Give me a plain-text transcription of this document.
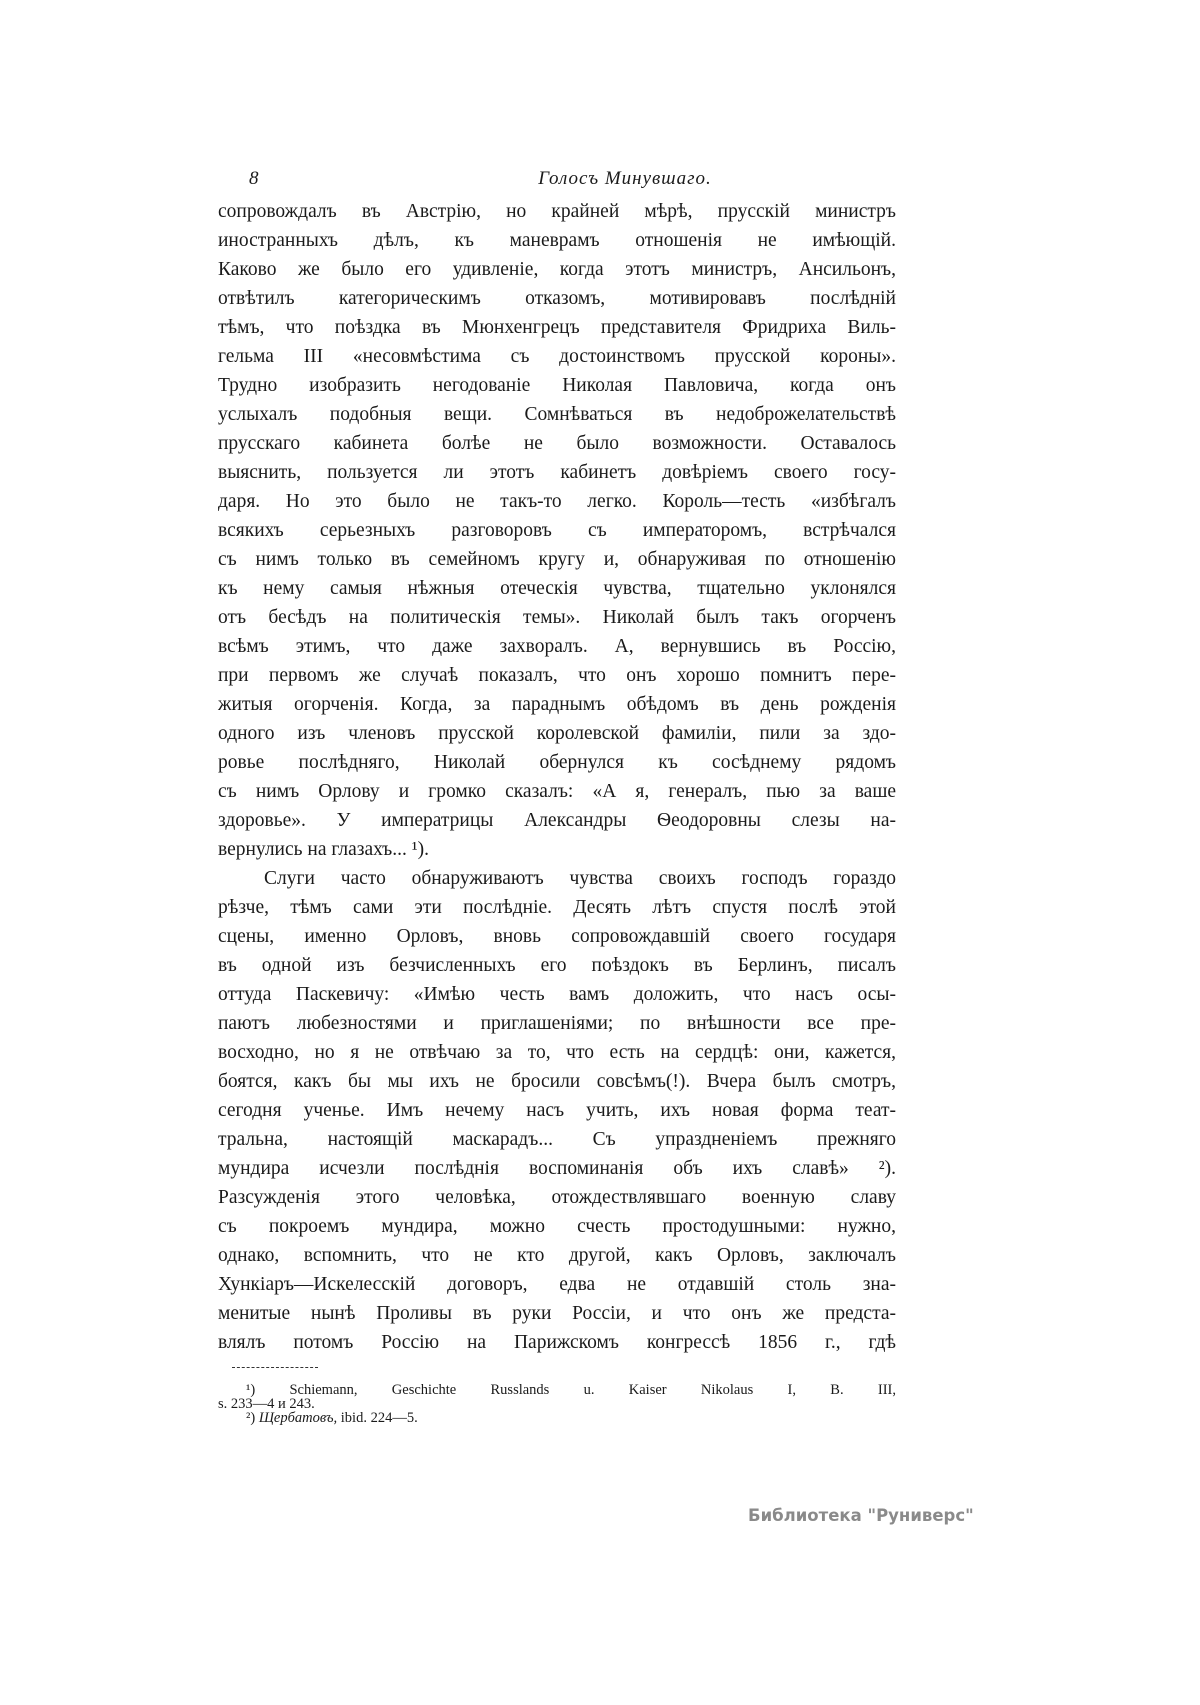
8	Голосъ Минувшаго.
сопровождалъ въ Австрію, но крайней мѣрѣ, прусскій министръ
иностранныхъ дѣлъ, къ маневрамъ отношенія не имѣющій.
Каково же было его удивленіе, когда этотъ министръ, Ансильонъ,
отвѣтилъ категорическимъ отказомъ, мотивировавъ послѣдній
тѣмъ, что поѣздка въ Мюнхенгрецъ представителя Фридриха Виль-
гельма III «несовмѣстима съ достоинствомъ прусской короны».
Трудно изобразить негодованіе Николая Павловича, когда онъ
услыхалъ подобныя вещи. Сомнѣваться въ недоброжелательствѣ
прусскаго кабинета болѣе не было возможности. Оставалось
выяснить, пользуется ли этотъ кабинетъ довѣріемъ своего госу-
даря. Но это было не такъ-то легко. Король—тесть «избѣгалъ
всякихъ серьезныхъ разговоровъ съ императоромъ, встрѣчался
съ нимъ только въ семейномъ кругу и, обнаруживая по отношенію
къ нему самыя нѣжныя отеческія чувства, тщательно уклонялся
отъ бесѣдъ на политическія темы». Николай былъ такъ огорченъ
всѣмъ этимъ, что даже захворалъ. А, вернувшись въ Россію,
при первомъ же случаѣ показалъ, что онъ хорошо помнитъ пере-
житыя огорченія. Когда, за параднымъ обѣдомъ въ день рожденія
одного изъ членовъ прусской королевской фамиліи, пили за здо-
ровье послѣдняго, Николай обернулся къ сосѣднему рядомъ
съ нимъ Орлову и громко сказалъ: «А я, генералъ, пью за ваше
здоровье». У императрицы Александры Ѳеодоровны слезы на-
вернулись на глазахъ... ¹).
Слуги часто обнаруживаютъ чувства своихъ господъ гораздо
рѣзче, тѣмъ сами эти послѣдніе. Десять лѣтъ спустя послѣ этой
сцены, именно Орловъ, вновь сопровождавшій своего государя
въ одной изъ безчисленныхъ его поѣздокъ въ Берлинъ, писалъ
оттуда Паскевичу: «Имѣю честь вамъ доложить, что насъ осы-
паютъ любезностями и приглашеніями; по внѣшности все пре-
восходно, но я не отвѣчаю за то, что есть на сердцѣ: они, кажется,
боятся, какъ бы мы ихъ не бросили совсѣмъ(!). Вчера былъ смотръ,
сегодня ученье. Имъ нечему насъ учить, ихъ новая форма теат-
тральна, настоящій маскарадъ... Съ упраздненіемъ прежняго
мундира исчезли послѣднія воспоминанія объ ихъ славѣ» ²).
Разсужденія этого человѣка, отождествлявшаго военную славу
съ покроемъ мундира, можно счесть простодушными: нужно,
однако, вспомнить, что не кто другой, какъ Орловъ, заключалъ
Хункіаръ—Искелесскій договоръ, едва не отдавшій столь зна-
менитые нынѣ Проливы въ руки Россіи, и что онъ же предста-
влялъ потомъ Россію на Парижскомъ конгрессѣ 1856 г., гдѣ
¹) Schiemann, Geschichte Russlands u. Kaiser Nikolaus I, B. III,
s. 233—4 и 243.
²) Щербатовъ, ibid. 224—5.
Библиотека "Руниверс"
